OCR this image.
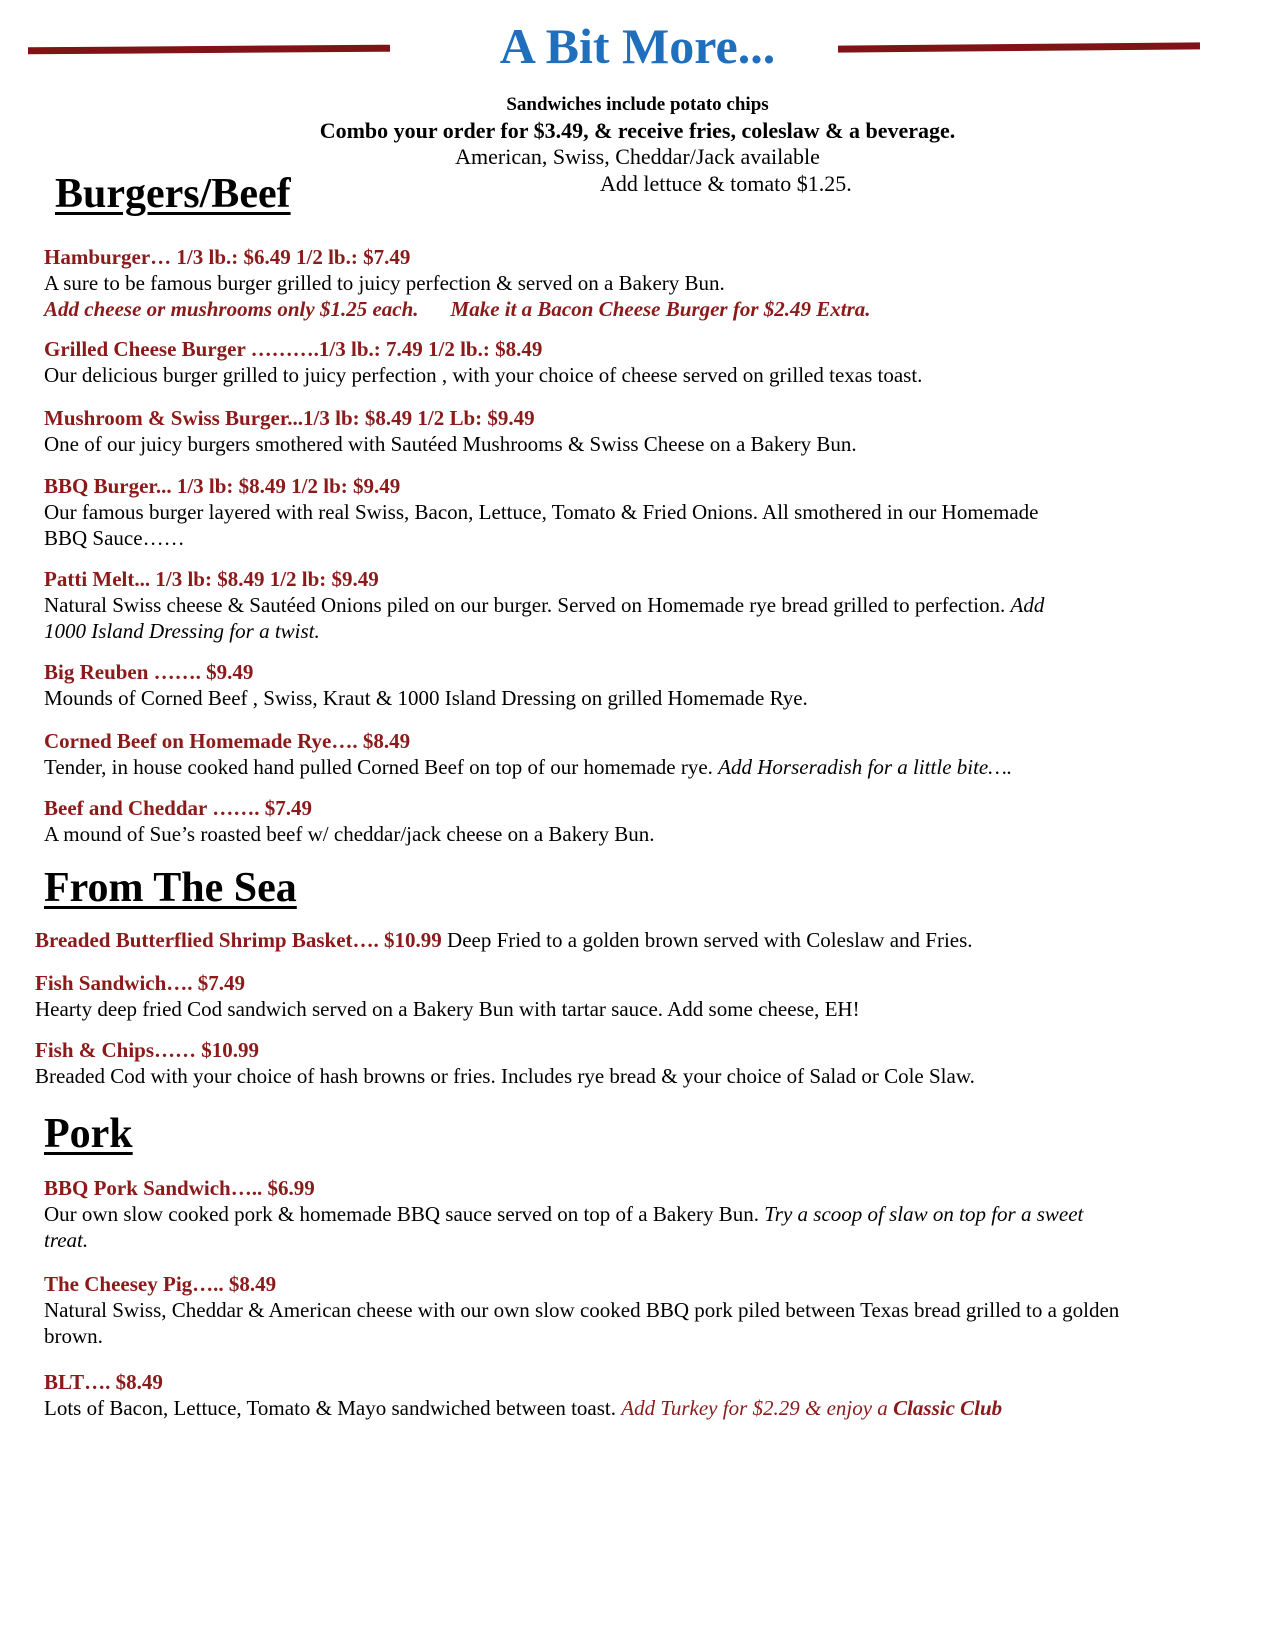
A Bit More...
Sandwiches include potato chips
Combo your order for $3.49, & receive fries, coleslaw & a beverage.
American, Swiss, Cheddar/Jack available
Add lettuce & tomato $1.25.
Burgers/Beef
Hamburger… 1/3 lb.: $6.49 1/2 lb.: $7.49
A sure to be famous burger grilled to juicy perfection & served on a Bakery Bun.
Add cheese or mushrooms only $1.25 each. Make it a Bacon Cheese Burger for $2.49 Extra.
Grilled Cheese Burger ……….1/3 lb.: 7.49 1/2 lb.: $8.49
Our delicious burger grilled to juicy perfection , with your choice of cheese served on grilled texas toast.
Mushroom & Swiss Burger...1/3 lb: $8.49 1/2 Lb: $9.49
One of our juicy burgers smothered with Sautéed Mushrooms & Swiss Cheese on a Bakery Bun.
BBQ Burger... 1/3 lb: $8.49 1/2 lb: $9.49
Our famous burger layered with real Swiss, Bacon, Lettuce, Tomato & Fried Onions. All smothered in our Homemade BBQ Sauce……
Patti Melt... 1/3 lb: $8.49 1/2 lb: $9.49
Natural Swiss cheese & Sautéed Onions piled on our burger. Served on Homemade rye bread grilled to perfection. Add 1000 Island Dressing for a twist.
Big Reuben ……. $9.49
Mounds of Corned Beef , Swiss, Kraut & 1000 Island Dressing on grilled Homemade Rye.
Corned Beef on Homemade Rye…. $8.49
Tender, in house cooked hand pulled Corned Beef on top of our homemade rye. Add Horseradish for a little bite….
Beef and Cheddar ……. $7.49
A mound of Sue’s roasted beef w/ cheddar/jack cheese on a Bakery Bun.
From The Sea
Breaded Butterflied Shrimp Basket…. $10.99 Deep Fried to a golden brown served with Coleslaw and Fries.
Fish Sandwich…. $7.49
Hearty deep fried Cod sandwich served on a Bakery Bun with tartar sauce. Add some cheese, EH!
Fish & Chips…… $10.99
Breaded Cod with your choice of hash browns or fries. Includes rye bread & your choice of Salad or Cole Slaw.
Pork
BBQ Pork Sandwich….. $6.99
Our own slow cooked pork & homemade BBQ sauce served on top of a Bakery Bun. Try a scoop of slaw on top for a sweet treat.
The Cheesey Pig….. $8.49
Natural Swiss, Cheddar & American cheese with our own slow cooked BBQ pork piled between Texas bread grilled to a golden brown.
BLT…. $8.49
Lots of Bacon, Lettuce, Tomato & Mayo sandwiched between toast. Add Turkey for $2.29 & enjoy a Classic Club
